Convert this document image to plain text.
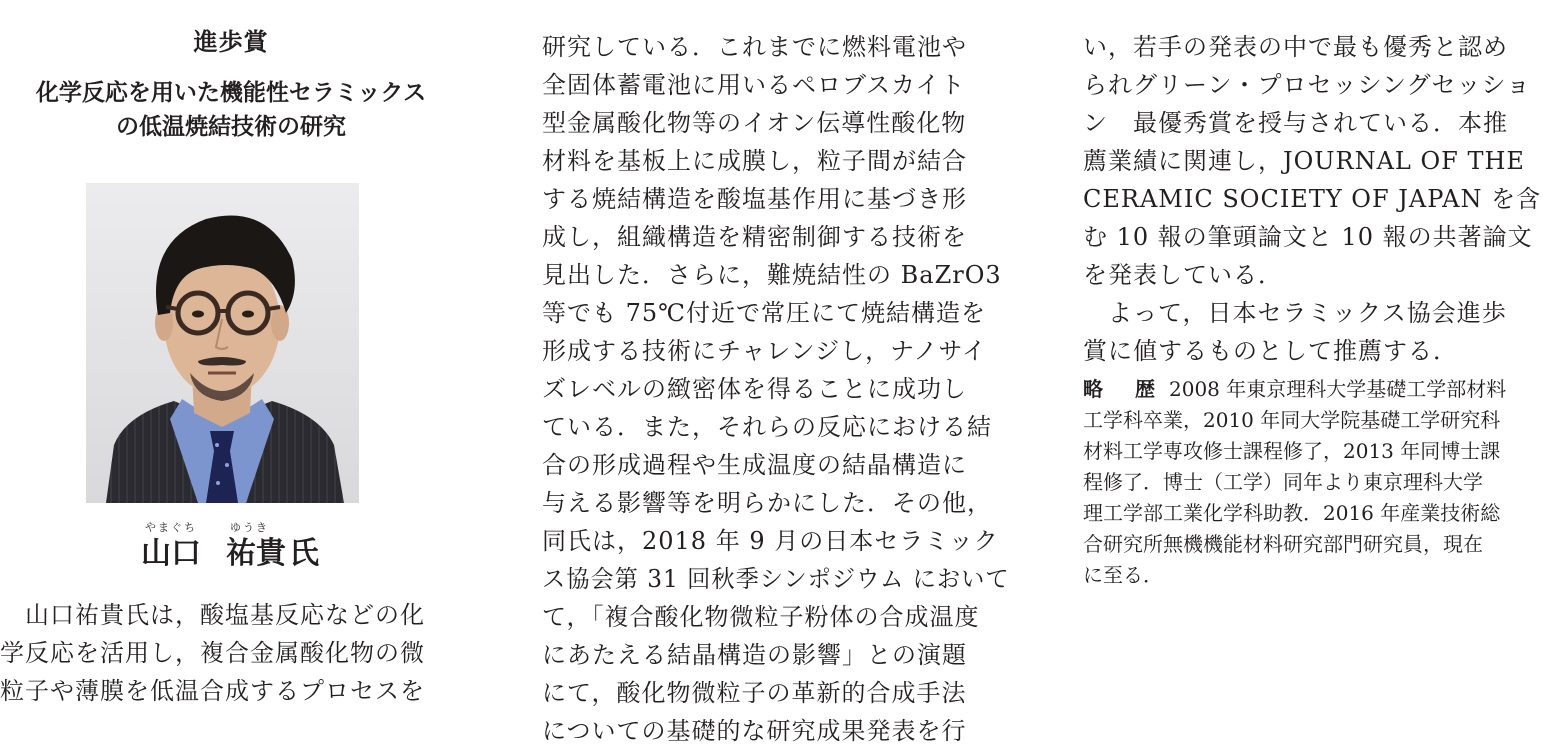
進歩賞
化学反応を用いた機能性セラミックス
の低温焼結技術の研究
やまぐち	ゆうき
山口 祐貴 氏
　山口祐貴氏は，酸塩基反応などの化
学反応を活用し，複合金属酸化物の微
粒子や薄膜を低温合成するプロセスを
研究している．これまでに燃料電池や
全固体蓄電池に用いるペロブスカイト
型金属酸化物等のイオン伝導性酸化物
材料を基板上に成膜し，粒子間が結合
する焼結構造を酸塩基作用に基づき形
成し，組織構造を精密制御する技術を
見出した．さらに，難焼結性の BaZrO3
等でも 75℃付近で常圧にて焼結構造を
形成する技術にチャレンジし，ナノサイ
ズレベルの緻密体を得ることに成功し
ている．また，それらの反応における結
合の形成過程や生成温度の結晶構造に
与える影響等を明らかにした．その他，
同氏は，2018 年 9 月の日本セラミック
ス協会第 31 回秋季シンポジウム において
て，「複合酸化物微粒子粉体の合成温度
にあたえる結晶構造の影響」との演題
にて，酸化物微粒子の革新的合成手法
についての基礎的な研究成果発表を行
い，若手の発表の中で最も優秀と認め
られグリーン・プロセッシングセッショ
ン　最優秀賞を授与されている．本推
薦業績に関連し，JOURNAL OF THE
CERAMIC SOCIETY OF JAPAN を含
む 10 報の筆頭論文と 10 報の共著論文
を発表している．
　よって，日本セラミックス協会進歩
賞に値するものとして推薦する．
略　歴 2008 年東京理科大学基礎工学部材料
工学科卒業，2010 年同大学院基礎工学研究科
材料工学専攻修士課程修了，2013 年同博士課
程修了．博士（工学）同年より東京理科大学
理工学部工業化学科助教．2016 年産業技術総
合研究所無機機能材料研究部門研究員，現在
に至る．
